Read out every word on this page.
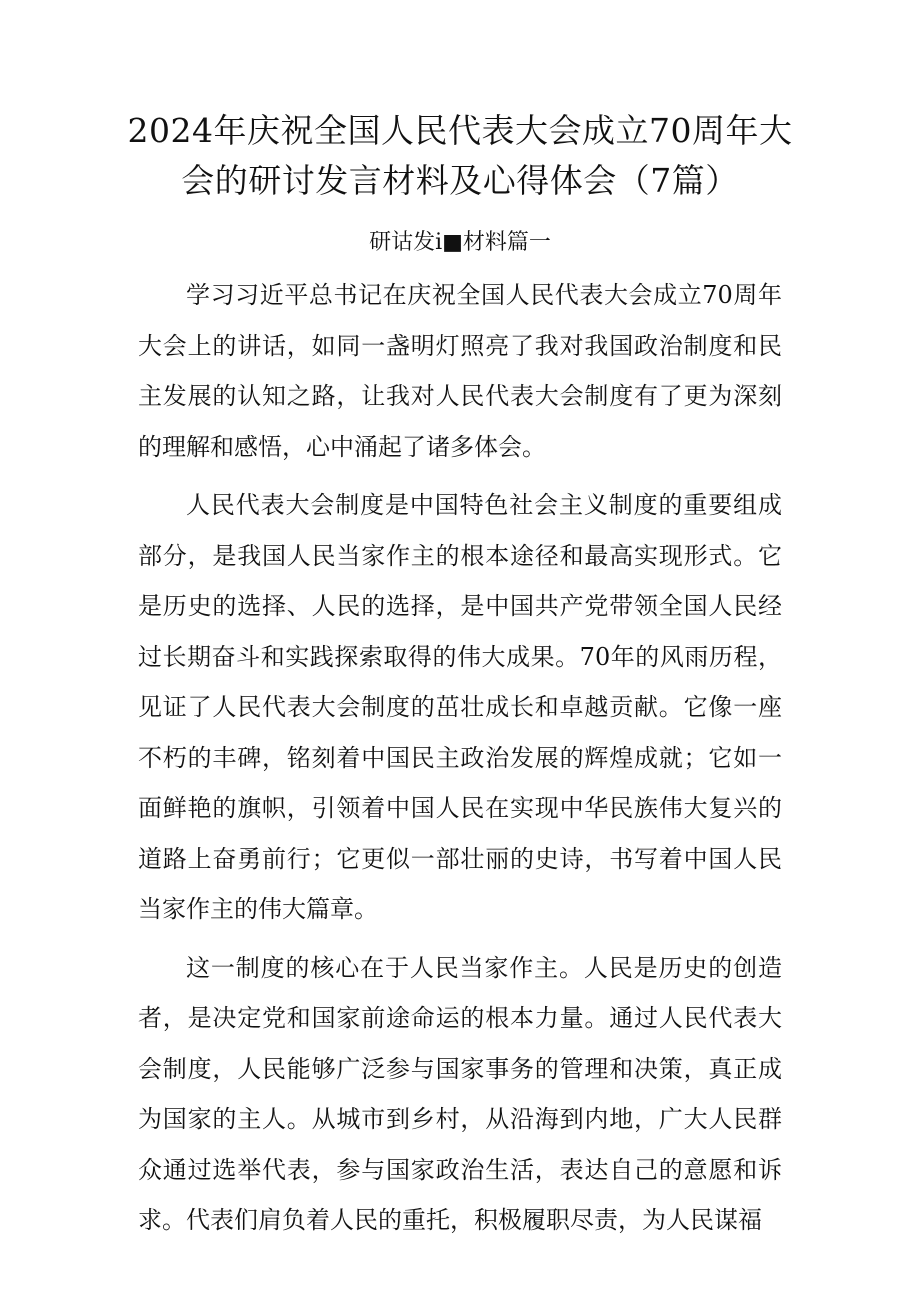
2024年庆祝全国人民代表大会成立70周年大会的研讨发言材料及心得体会（7篇）
研诂发i■材料篇一

学习习近平总书记在庆祝全国人民代表大会成立70周年大会上的讲话，如同一盏明灯照亮了我对我国政治制度和民主发展的认知之路，让我对人民代表大会制度有了更为深刻的理解和感悟，心中涌起了诸多体会。

人民代表大会制度是中国特色社会主义制度的重要组成部分，是我国人民当家作主的根本途径和最高实现形式。它是历史的选择、人民的选择，是中国共产党带领全国人民经过长期奋斗和实践探索取得的伟大成果。70年的风雨历程，见证了人民代表大会制度的茁壮成长和卓越贡献。它像一座不朽的丰碑，铭刻着中国民主政治发展的辉煌成就；它如一面鲜艳的旗帜，引领着中国人民在实现中华民族伟大复兴的道路上奋勇前行；它更似一部壮丽的史诗，书写着中国人民当家作主的伟大篇章。

这一制度的核心在于人民当家作主。人民是历史的创造者，是决定党和国家前途命运的根本力量。通过人民代表大会制度，人民能够广泛参与国家事务的管理和决策，真正成为国家的主人。从城市到乡村，从沿海到内地，广大人民群众通过选举代表，参与国家政治生活，表达自己的意愿和诉求。代表们肩负着人民的重托，积极履职尽责，为人民谋福
